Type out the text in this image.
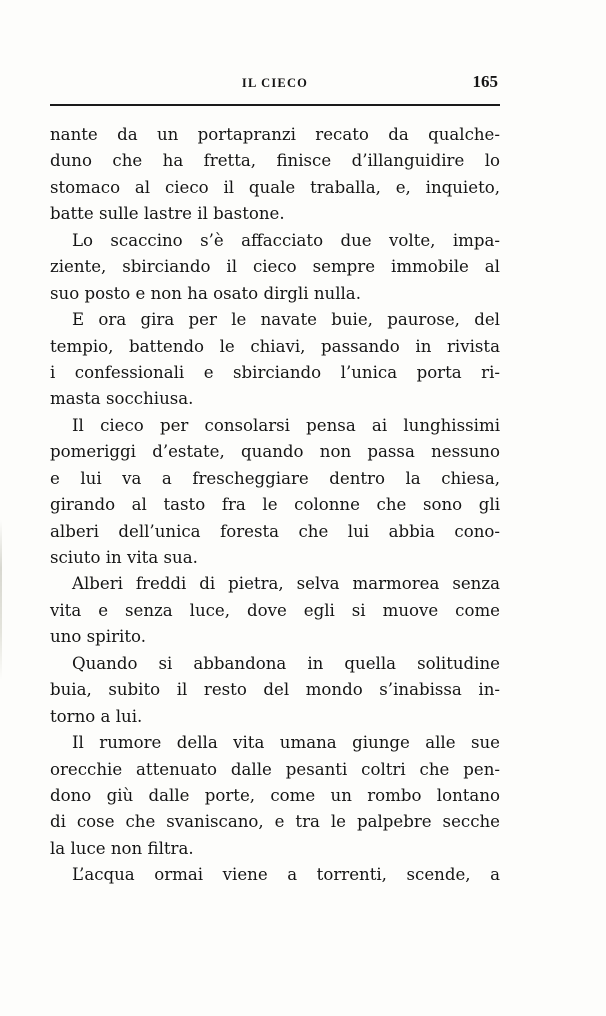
IL CIECO	165
nante da un portapranzi recato da qualche-
duno che ha fretta, finisce d’illanguidire lo
stomaco al cieco il quale traballa, e, inquieto,
batte sulle lastre il bastone.
Lo scaccino s’è affacciato due volte, impa-
ziente, sbirciando il cieco sempre immobile al
suo posto e non ha osato dirgli nulla.
E ora gira per le navate buie, paurose, del
tempio, battendo le chiavi, passando in rivista
i confessionali e sbirciando l’unica porta ri-
masta socchiusa.
Il cieco per consolarsi pensa ai lunghissimi
pomeriggi d’estate, quando non passa nessuno
e lui va a frescheggiare dentro la chiesa,
girando al tasto fra le colonne che sono gli
alberi dell’unica foresta che lui abbia cono-
sciuto in vita sua.
Alberi freddi di pietra, selva marmorea senza
vita e senza luce, dove egli si muove come
uno spirito.
Quando si abbandona in quella solitudine
buia, subito il resto del mondo s’inabissa in-
torno a lui.
Il rumore della vita umana giunge alle sue
orecchie attenuato dalle pesanti coltri che pen-
dono giù dalle porte, come un rombo lontano
di cose che svaniscano, e tra le palpebre secche
la luce non filtra.
L’acqua ormai viene a torrenti, scende, a
